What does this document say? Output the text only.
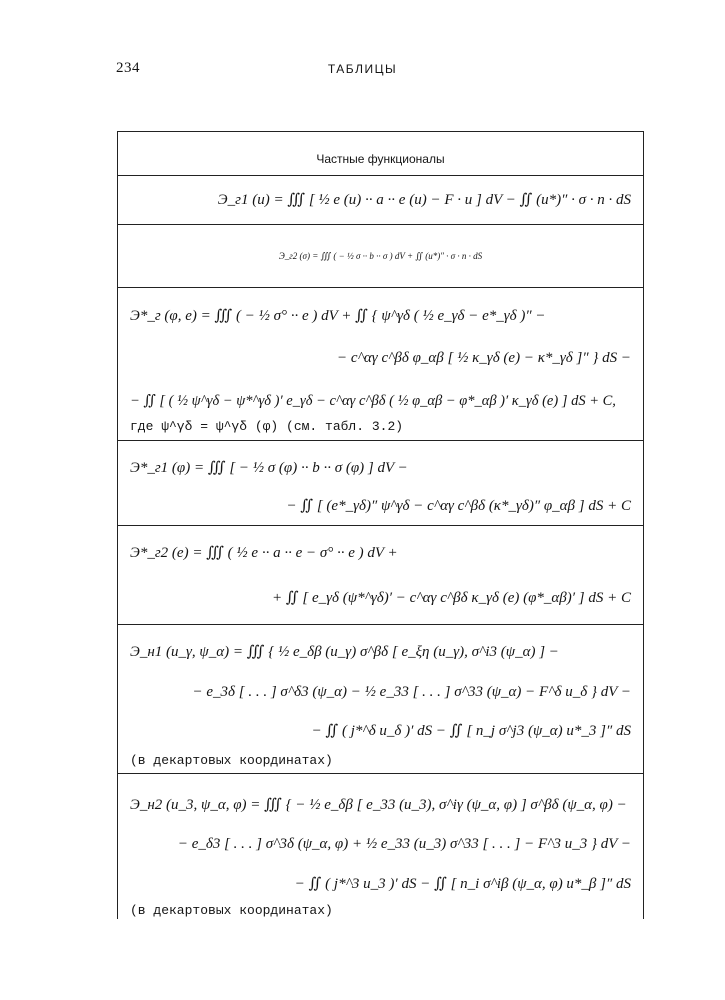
234	ТАБЛИЦЫ
Частные функционалы
Э_г1 (u) = ∭ [ ½ e (u) ·· a ·· e (u) − F · u ] dV − ∬ (u*)″ · σ · n · dS
Э_г2 (σ) = ∭ ( − ½ σ ·· b ·· σ ) dV + ∬ (u*)″ · σ · n · dS
Э*_г (φ, e) = ∭ ( − ½ σ° ·· e ) dV + ∬ { ψ^γδ ( ½ e_γδ − e*_γδ )″ −
− c^αγ c^βδ φ_αβ [ ½ κ_γδ (e) − κ*_γδ ]″ } dS −
− ∬ [ ( ½ ψ^γδ − ψ*^γδ )′ e_γδ − c^αγ c^βδ ( ½ φ_αβ − φ*_αβ )′ κ_γδ (e) ] dS + C,
где ψ^γδ = ψ^γδ (φ) (см. табл. 3.2)
Э*_г1 (φ) = ∭ [ − ½ σ (φ) ·· b ·· σ (φ) ] dV −
− ∬ [ (e*_γδ)″ ψ^γδ − c^αγ c^βδ (κ*_γδ)″ φ_αβ ] dS + C
Э*_г2 (e) = ∭ ( ½ e ·· a ·· e − σ° ·· e ) dV +
+ ∬ [ e_γδ (ψ*^γδ)′ − c^αγ c^βδ κ_γδ (e) (φ*_αβ)′ ] dS + C
Э_н1 (u_γ, ψ_α) = ∭ { ½ e_δβ (u_γ) σ^βδ [ e_ξη (u_γ), σ^i3 (ψ_α) ] −
− e_3δ [ . . . ] σ^δ3 (ψ_α) − ½ e_33 [ . . . ] σ^33 (ψ_α) − F^δ u_δ } dV −
− ∬ ( j*^δ u_δ )′ dS − ∬ [ n_j σ^j3 (ψ_α) u*_3 ]″ dS
(в декартовых координатах)
Э_н2 (u_3, ψ_α, φ) = ∭ { − ½ e_δβ [ e_33 (u_3), σ^iγ (ψ_α, φ) ] σ^βδ (ψ_α, φ) −
− e_δ3 [ . . . ] σ^3δ (ψ_α, φ) + ½ e_33 (u_3) σ^33 [ . . . ] − F^3 u_3 } dV −
− ∬ ( j*^3 u_3 )′ dS − ∬ [ n_i σ^iβ (ψ_α, φ) u*_β ]″ dS
(в декартовых координатах)
